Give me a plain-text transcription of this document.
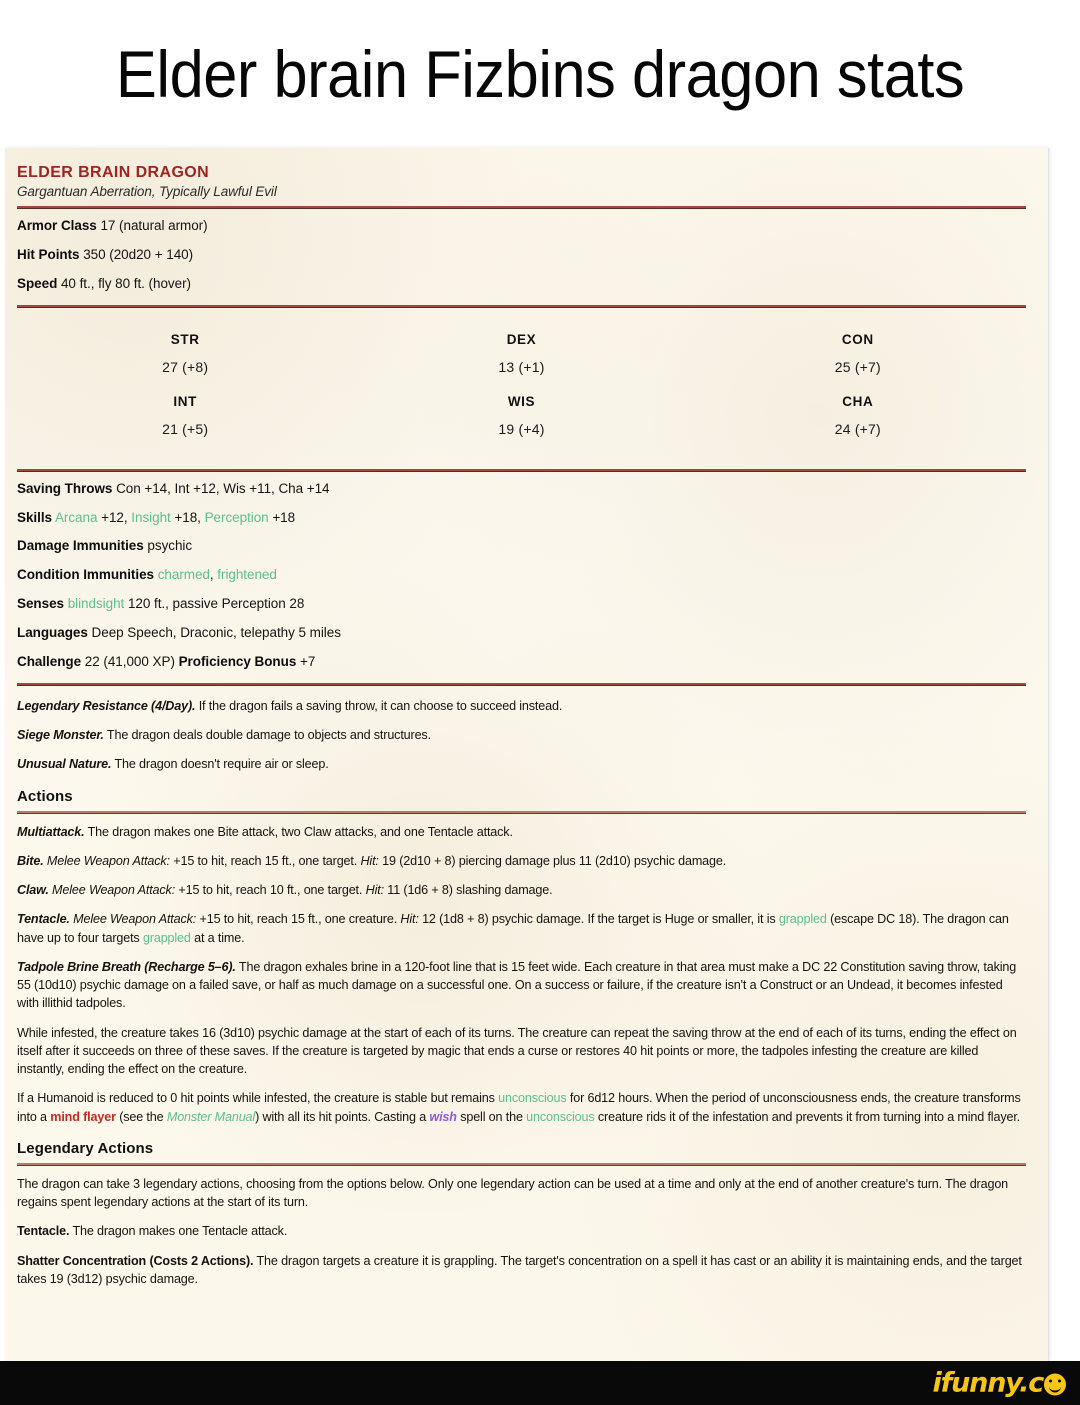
Elder brain Fizbins dragon stats
ELDER BRAIN DRAGON
Gargantuan Aberration, Typically Lawful Evil
Armor Class 17 (natural armor)
Hit Points 350 (20d20 + 140)
Speed 40 ft., fly 80 ft. (hover)
STR
27 (+8)
DEX
13 (+1)
CON
25 (+7)
INT
21 (+5)
WIS
19 (+4)
CHA
24 (+7)
Saving Throws Con +14, Int +12, Wis +11, Cha +14
Skills Arcana +12, Insight +18, Perception +18
Damage Immunities psychic
Condition Immunities charmed, frightened
Senses blindsight 120 ft., passive Perception 28
Languages Deep Speech, Draconic, telepathy 5 miles
Challenge 22 (41,000 XP) Proficiency Bonus +7
Legendary Resistance (4/Day). If the dragon fails a saving throw, it can choose to succeed instead.
Siege Monster. The dragon deals double damage to objects and structures.
Unusual Nature. The dragon doesn't require air or sleep.
Actions
Multiattack. The dragon makes one Bite attack, two Claw attacks, and one Tentacle attack.
Bite. Melee Weapon Attack: +15 to hit, reach 15 ft., one target. Hit: 19 (2d10 + 8) piercing damage plus 11 (2d10) psychic damage.
Claw. Melee Weapon Attack: +15 to hit, reach 10 ft., one target. Hit: 11 (1d6 + 8) slashing damage.
Tentacle. Melee Weapon Attack: +15 to hit, reach 15 ft., one creature. Hit: 12 (1d8 + 8) psychic damage. If the target is Huge or smaller, it is grappled (escape DC 18). The dragon can have up to four targets grappled at a time.
Tadpole Brine Breath (Recharge 5–6). The dragon exhales brine in a 120-foot line that is 15 feet wide. Each creature in that area must make a DC 22 Constitution saving throw, taking 55 (10d10) psychic damage on a failed save, or half as much damage on a successful one. On a success or failure, if the creature isn't a Construct or an Undead, it becomes infested with illithid tadpoles.
While infested, the creature takes 16 (3d10) psychic damage at the start of each of its turns. The creature can repeat the saving throw at the end of each of its turns, ending the effect on itself after it succeeds on three of these saves. If the creature is targeted by magic that ends a curse or restores 40 hit points or more, the tadpoles infesting the creature are killed instantly, ending the effect on the creature.
If a Humanoid is reduced to 0 hit points while infested, the creature is stable but remains unconscious for 6d12 hours. When the period of unconsciousness ends, the creature transforms into a mind flayer (see the Monster Manual) with all its hit points. Casting a wish spell on the unconscious creature rids it of the infestation and prevents it from turning into a mind flayer.
Legendary Actions
The dragon can take 3 legendary actions, choosing from the options below. Only one legendary action can be used at a time and only at the end of another creature's turn. The dragon regains spent legendary actions at the start of its turn.
Tentacle. The dragon makes one Tentacle attack.
Shatter Concentration (Costs 2 Actions). The dragon targets a creature it is grappling. The target's concentration on a spell it has cast or an ability it is maintaining ends, and the target takes 19 (3d12) psychic damage.
ifunny.c
